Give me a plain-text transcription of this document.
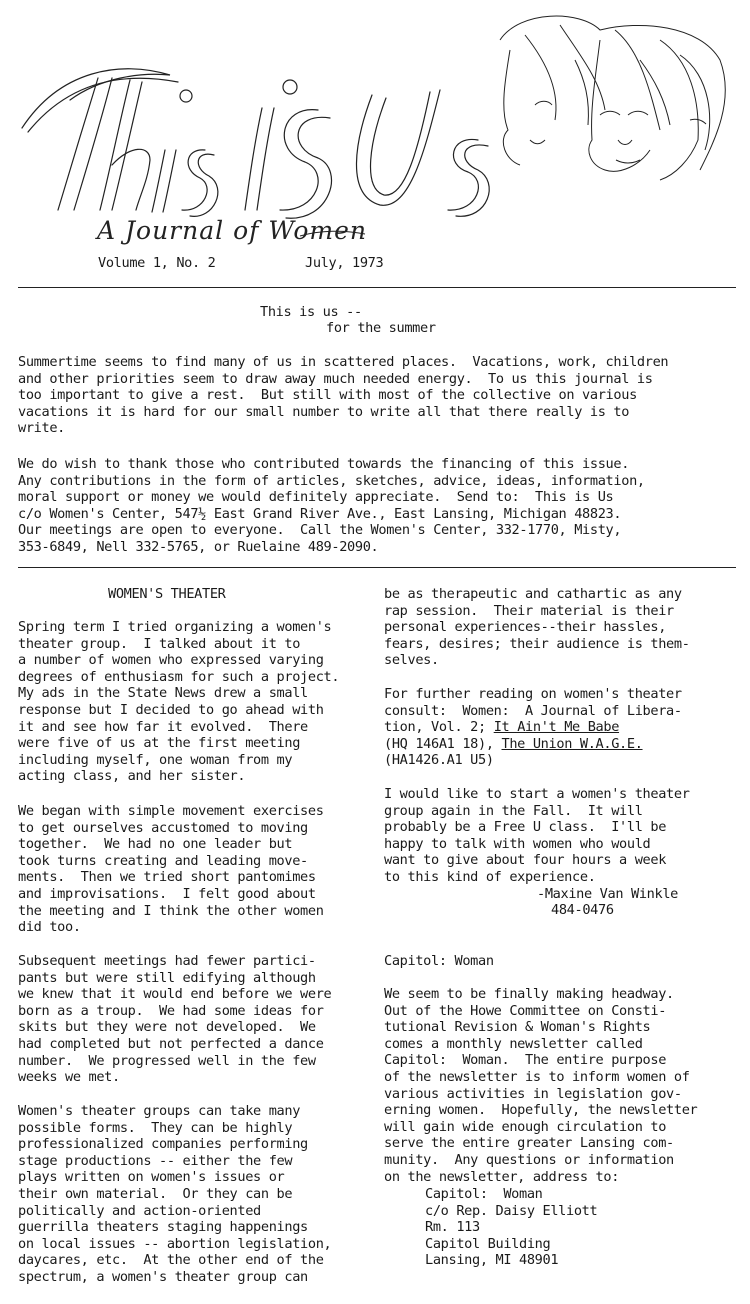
A Journal of Women
Volume 1, No. 2	July, 1973
This is us --
for the summer
Summertime seems to find many of us in scattered places.  Vacations, work, children
and other priorities seem to draw away much needed energy.  To us this journal is
too important to give a rest.  But still with most of the collective on various
vacations it is hard for our small number to write all that there really is to
write.
We do wish to thank those who contributed towards the financing of this issue.
Any contributions in the form of articles, sketches, advice, ideas, information,
moral support or money we would definitely appreciate.  Send to:  This is Us
c/o Women's Center, 547½ East Grand River Ave., East Lansing, Michigan 48823.
Our meetings are open to everyone.  Call the Women's Center, 332-1770, Misty,
353-6849, Nell 332-5765, or Ruelaine 489-2090.
WOMEN'S THEATER
Spring term I tried organizing a women's
theater group.  I talked about it to
a number of women who expressed varying
degrees of enthusiasm for such a project.
My ads in the State News drew a small
response but I decided to go ahead with
it and see how far it evolved.  There
were five of us at the first meeting
including myself, one woman from my
acting class, and her sister.
We began with simple movement exercises
to get ourselves accustomed to moving
together.  We had no one leader but
took turns creating and leading move-
ments.  Then we tried short pantomimes
and improvisations.  I felt good about
the meeting and I think the other women
did too.
Subsequent meetings had fewer partici-
pants but were still edifying although
we knew that it would end before we were
born as a troup.  We had some ideas for
skits but they were not developed.  We
had completed but not perfected a dance
number.  We progressed well in the few
weeks we met.
Women's theater groups can take many
possible forms.  They can be highly
professionalized companies performing
stage productions -- either the few
plays written on women's issues or
their own material.  Or they can be
politically and action-oriented
guerrilla theaters staging happenings
on local issues -- abortion legislation,
daycares, etc.  At the other end of the
spectrum, a women's theater group can
be as therapeutic and cathartic as any
rap session.  Their material is their
personal experiences--their hassles,
fears, desires; their audience is them-
selves.
For further reading on women's theater
consult:  Women:  A Journal of Libera-
tion, Vol. 2; It Ain't Me Babe
(HQ 146A1 18), The Union W.A.G.E.
(HA1426.A1 U5)
I would like to start a women's theater
group again in the Fall.  It will
probably be a Free U class.  I'll be
happy to talk with women who would
want to give about four hours a week
to this kind of experience.
-Maxine Van Winkle
484-0476
Capitol: Woman
We seem to be finally making headway.
Out of the Howe Committee on Consti-
tutional Revision & Woman's Rights
comes a monthly newsletter called
Capitol:  Woman.  The entire purpose
of the newsletter is to inform women of
various activities in legislation gov-
erning women.  Hopefully, the newsletter
will gain wide enough circulation to
serve the entire greater Lansing com-
munity.  Any questions or information
on the newsletter, address to:
Capitol:  Woman
c/o Rep. Daisy Elliott
Rm. 113
Capitol Building
Lansing, MI 48901
